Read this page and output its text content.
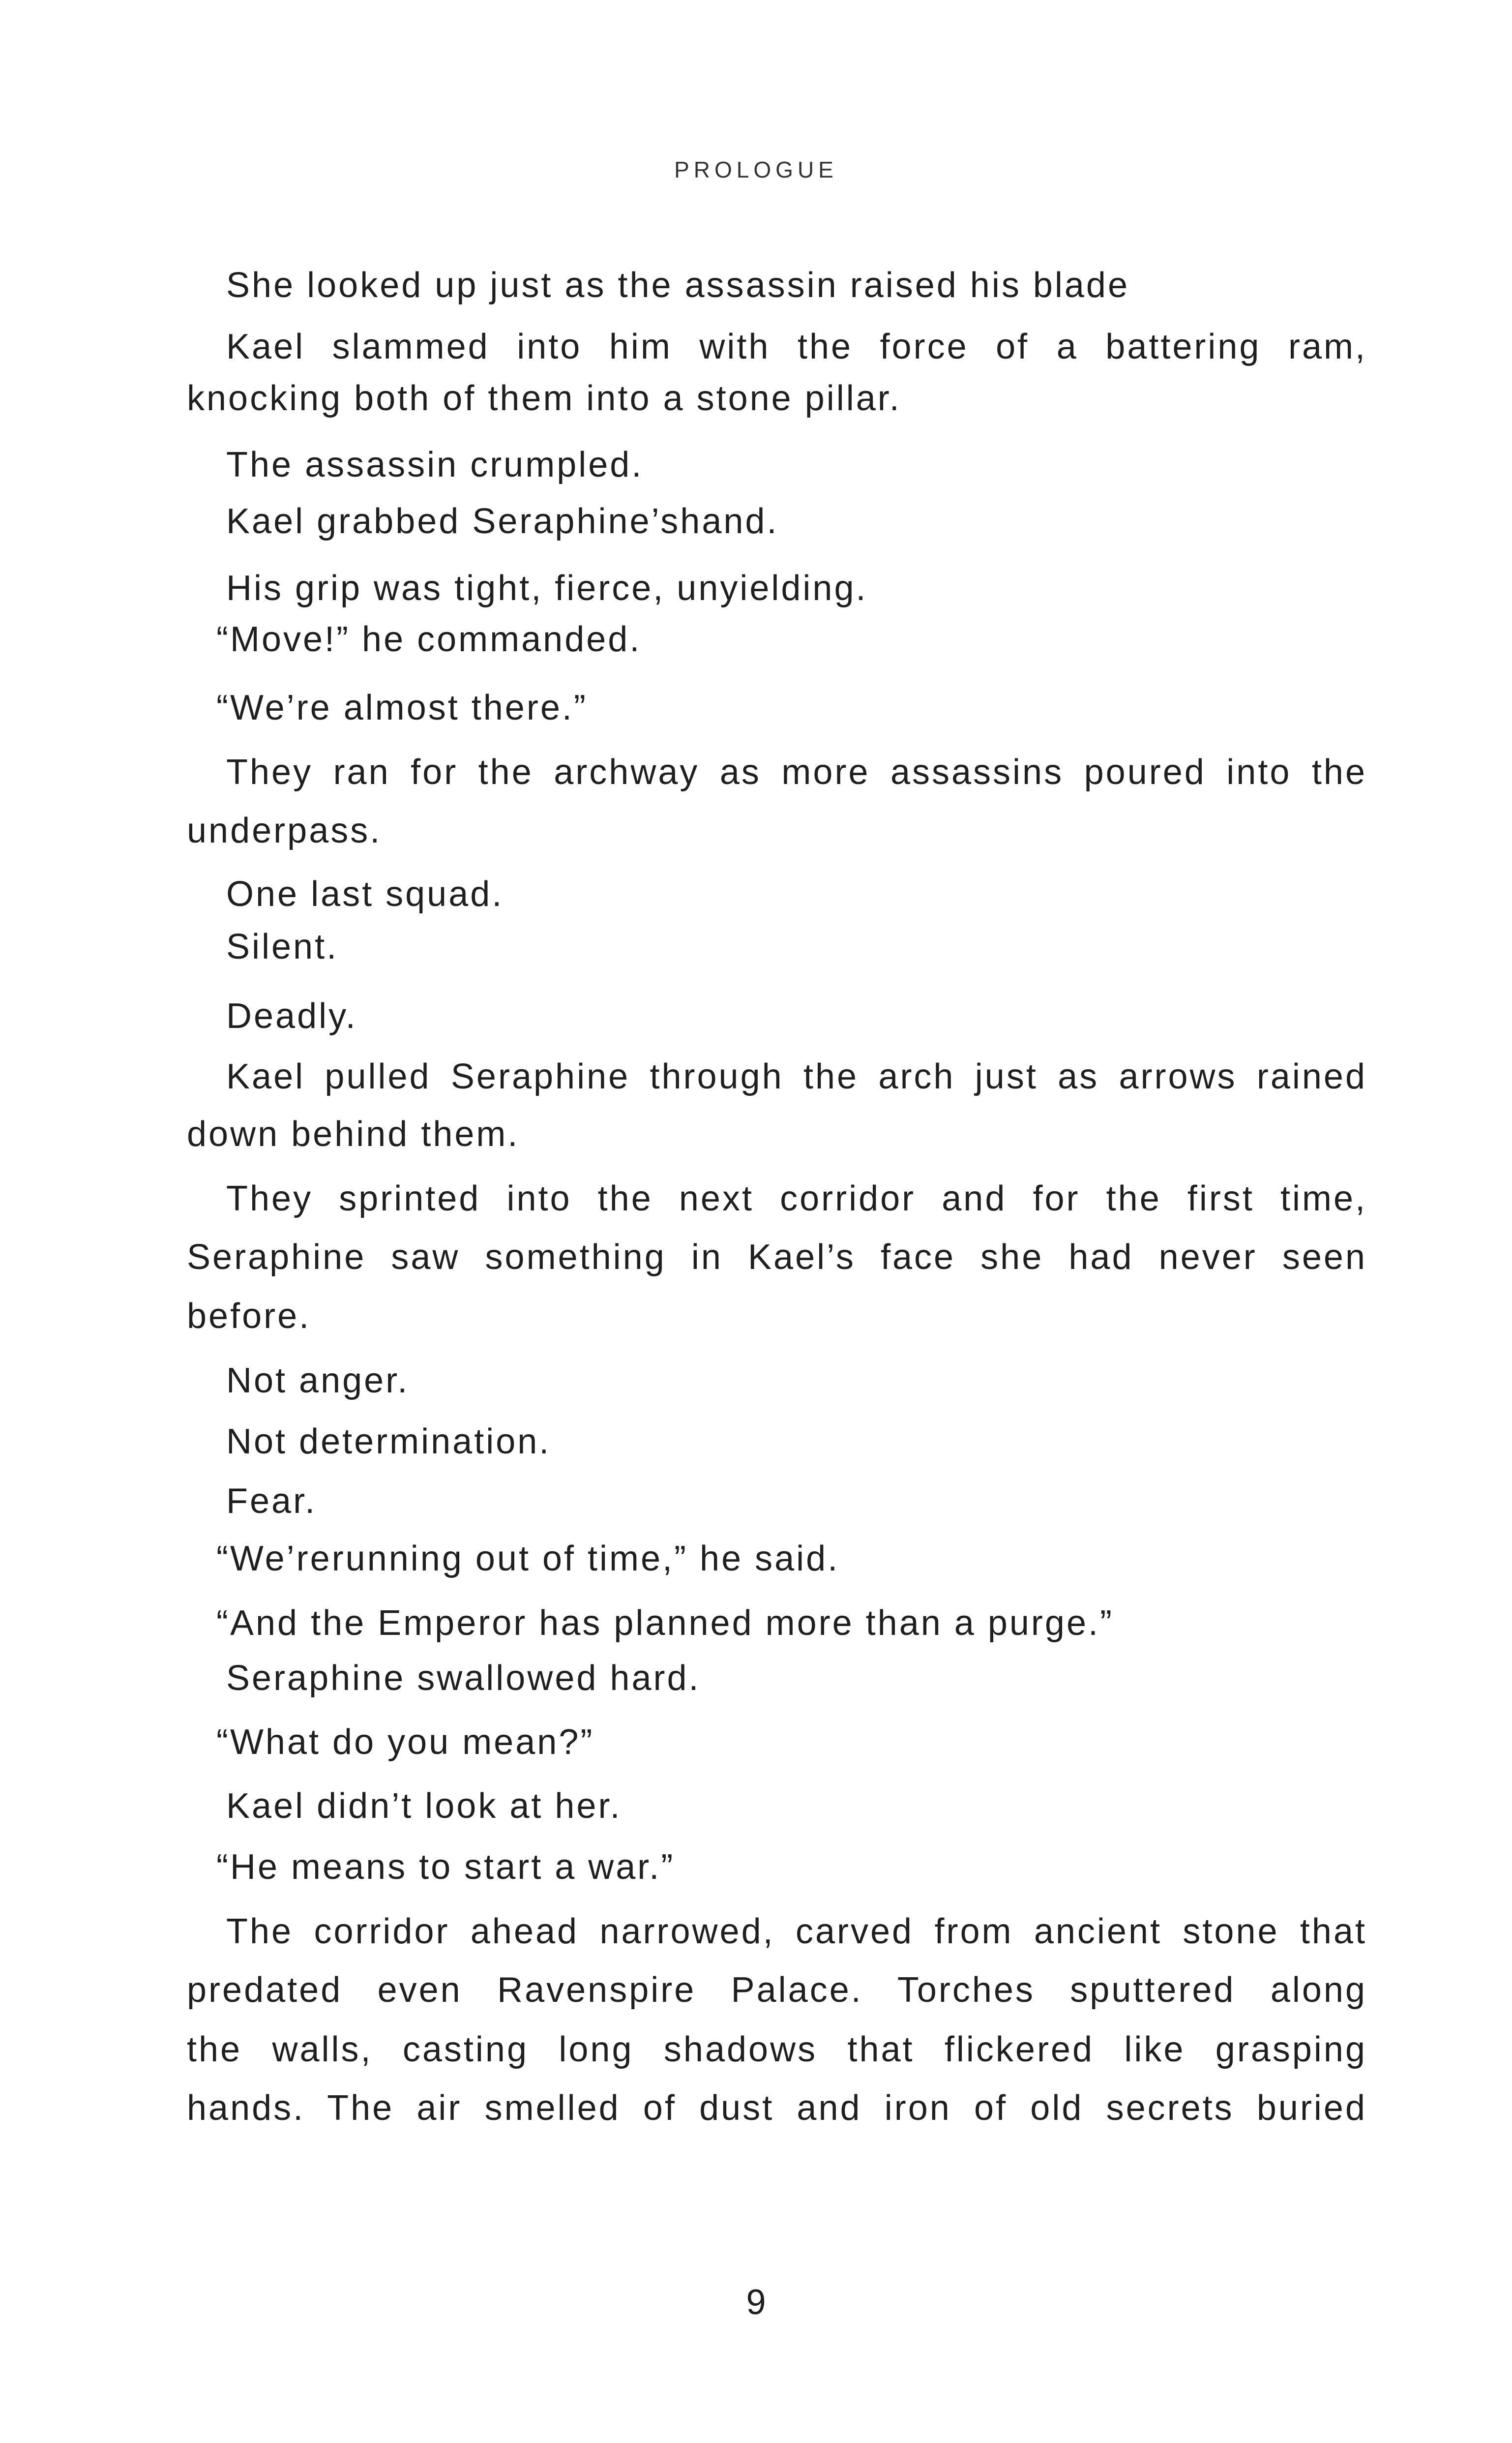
PROLOGUE
She looked up just as the assassin raised his blade
Kael slammed into him with the force of a battering ram,
knocking both of them into a stone pillar.
The assassin crumpled.
Kael grabbed Seraphine’shand.
His grip was tight, fierce, unyielding.
“Move!” he commanded.
“We’re almost there.”
They ran for the archway as more assassins poured into the
underpass.
One last squad.
Silent.
Deadly.
Kael pulled Seraphine through the arch just as arrows rained
down behind them.
They sprinted into the next corridor and for the first time,
Seraphine saw something in Kael’s face she had never seen
before.
Not anger.
Not determination.
Fear.
“We’rerunning out of time,” he said.
“And the Emperor has planned more than a purge.”
Seraphine swallowed hard.
“What do you mean?”
Kael didn’t look at her.
“He means to start a war.”
The corridor ahead narrowed, carved from ancient stone that
predated even Ravenspire Palace. Torches sputtered along
the walls, casting long shadows that flickered like grasping
hands. The air smelled of dust and iron of old secrets buried
9
